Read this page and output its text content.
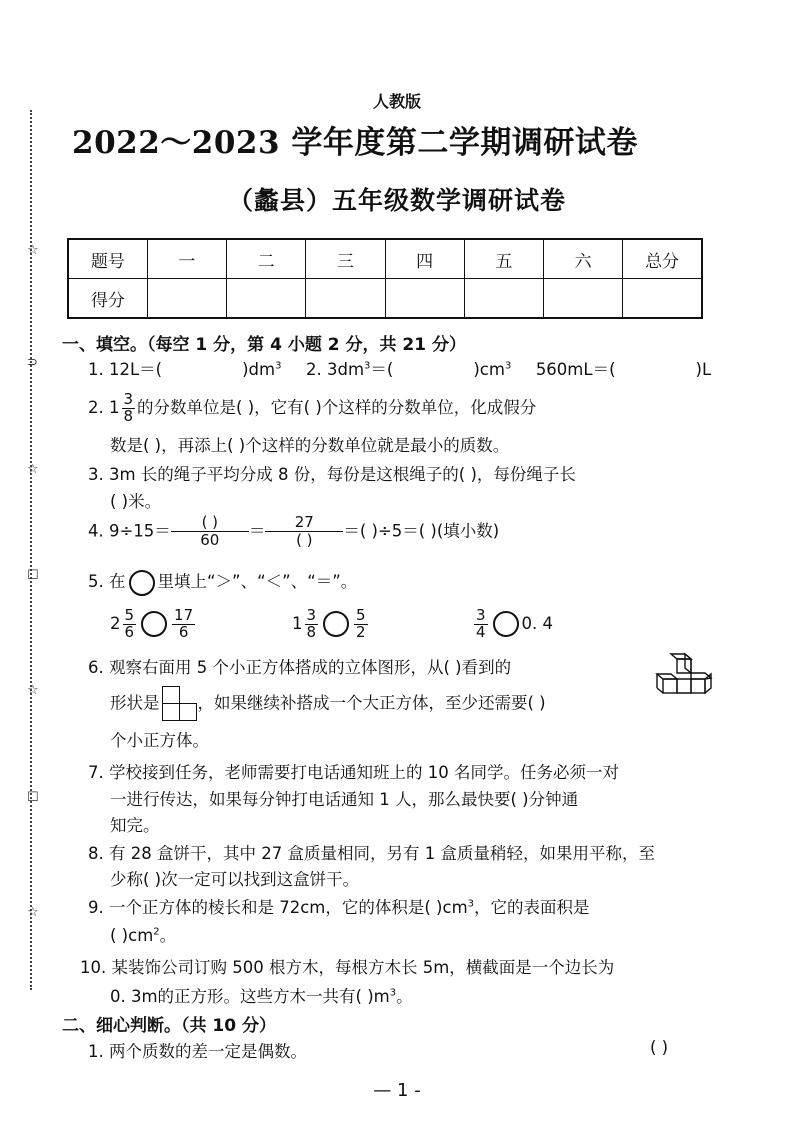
☆
⊃
☆
☐
☆
☐
☆
人教版
2022～2023 学年度第二学期调研试卷
（蠡县）五年级数学调研试卷
题号	一	二	三	四	五	六	总分
得分							
一、填空。（每空 1 分，第 4 小题 2 分，共 21 分）
1. 12L＝(	)$dm^3$ 2. $3dm^3=$(	)$cm^3$ 560mL＝(	)L
2. $1 \frac{3}{8}$ 的分数单位是( )，它有( )个这样的分数单位，化成假分
数是( )，再添上( )个这样的分数单位就是最小的质数。
3. 3m 长的绳子平均分成 8 份，每份是这根绳子的( )，每份绳子长
( )米。
4. $9\div 15= \frac{( )}{60} = \frac{27}{( )}$ ＝( )÷5＝( )(填小数)
5. 在 里填上“＞”、“＜”、“＝”。
$2 \frac{5}{6} \frac{17}{6}$	$1 \frac{3}{8} \frac{5}{2}$	$\frac{3}{4} 0$. 4
6. 观察右面用 5 个小正方体搭成的立体图形，从( )看到的
形状是 ，如果继续补搭成一个大正方体，至少还需要( )
个小正方体。
7. 学校接到任务，老师需要打电话通知班上的 10 名同学。任务必须一对
一进行传达，如果每分钟打电话通知 1 人，那么最快要( )分钟通
知完。
8. 有 28 盒饼干，其中 27 盒质量相同，另有 1 盒质量稍轻，如果用平称，至
少称( )次一定可以找到这盒饼干。
9. 一个正方体的棱长和是 72cm，它的体积是( )$cm^3$，它的表面积是
( )$cm^2$。
10. 某装饰公司订购 500 根方木，每根方木长 5m，横截面是一个边长为
0. 3m的正方形。这些方木一共有( )$m^3$。
二、细心判断。（共 10 分）
1. 两个质数的差一定是偶数。	( )
— 1 -
